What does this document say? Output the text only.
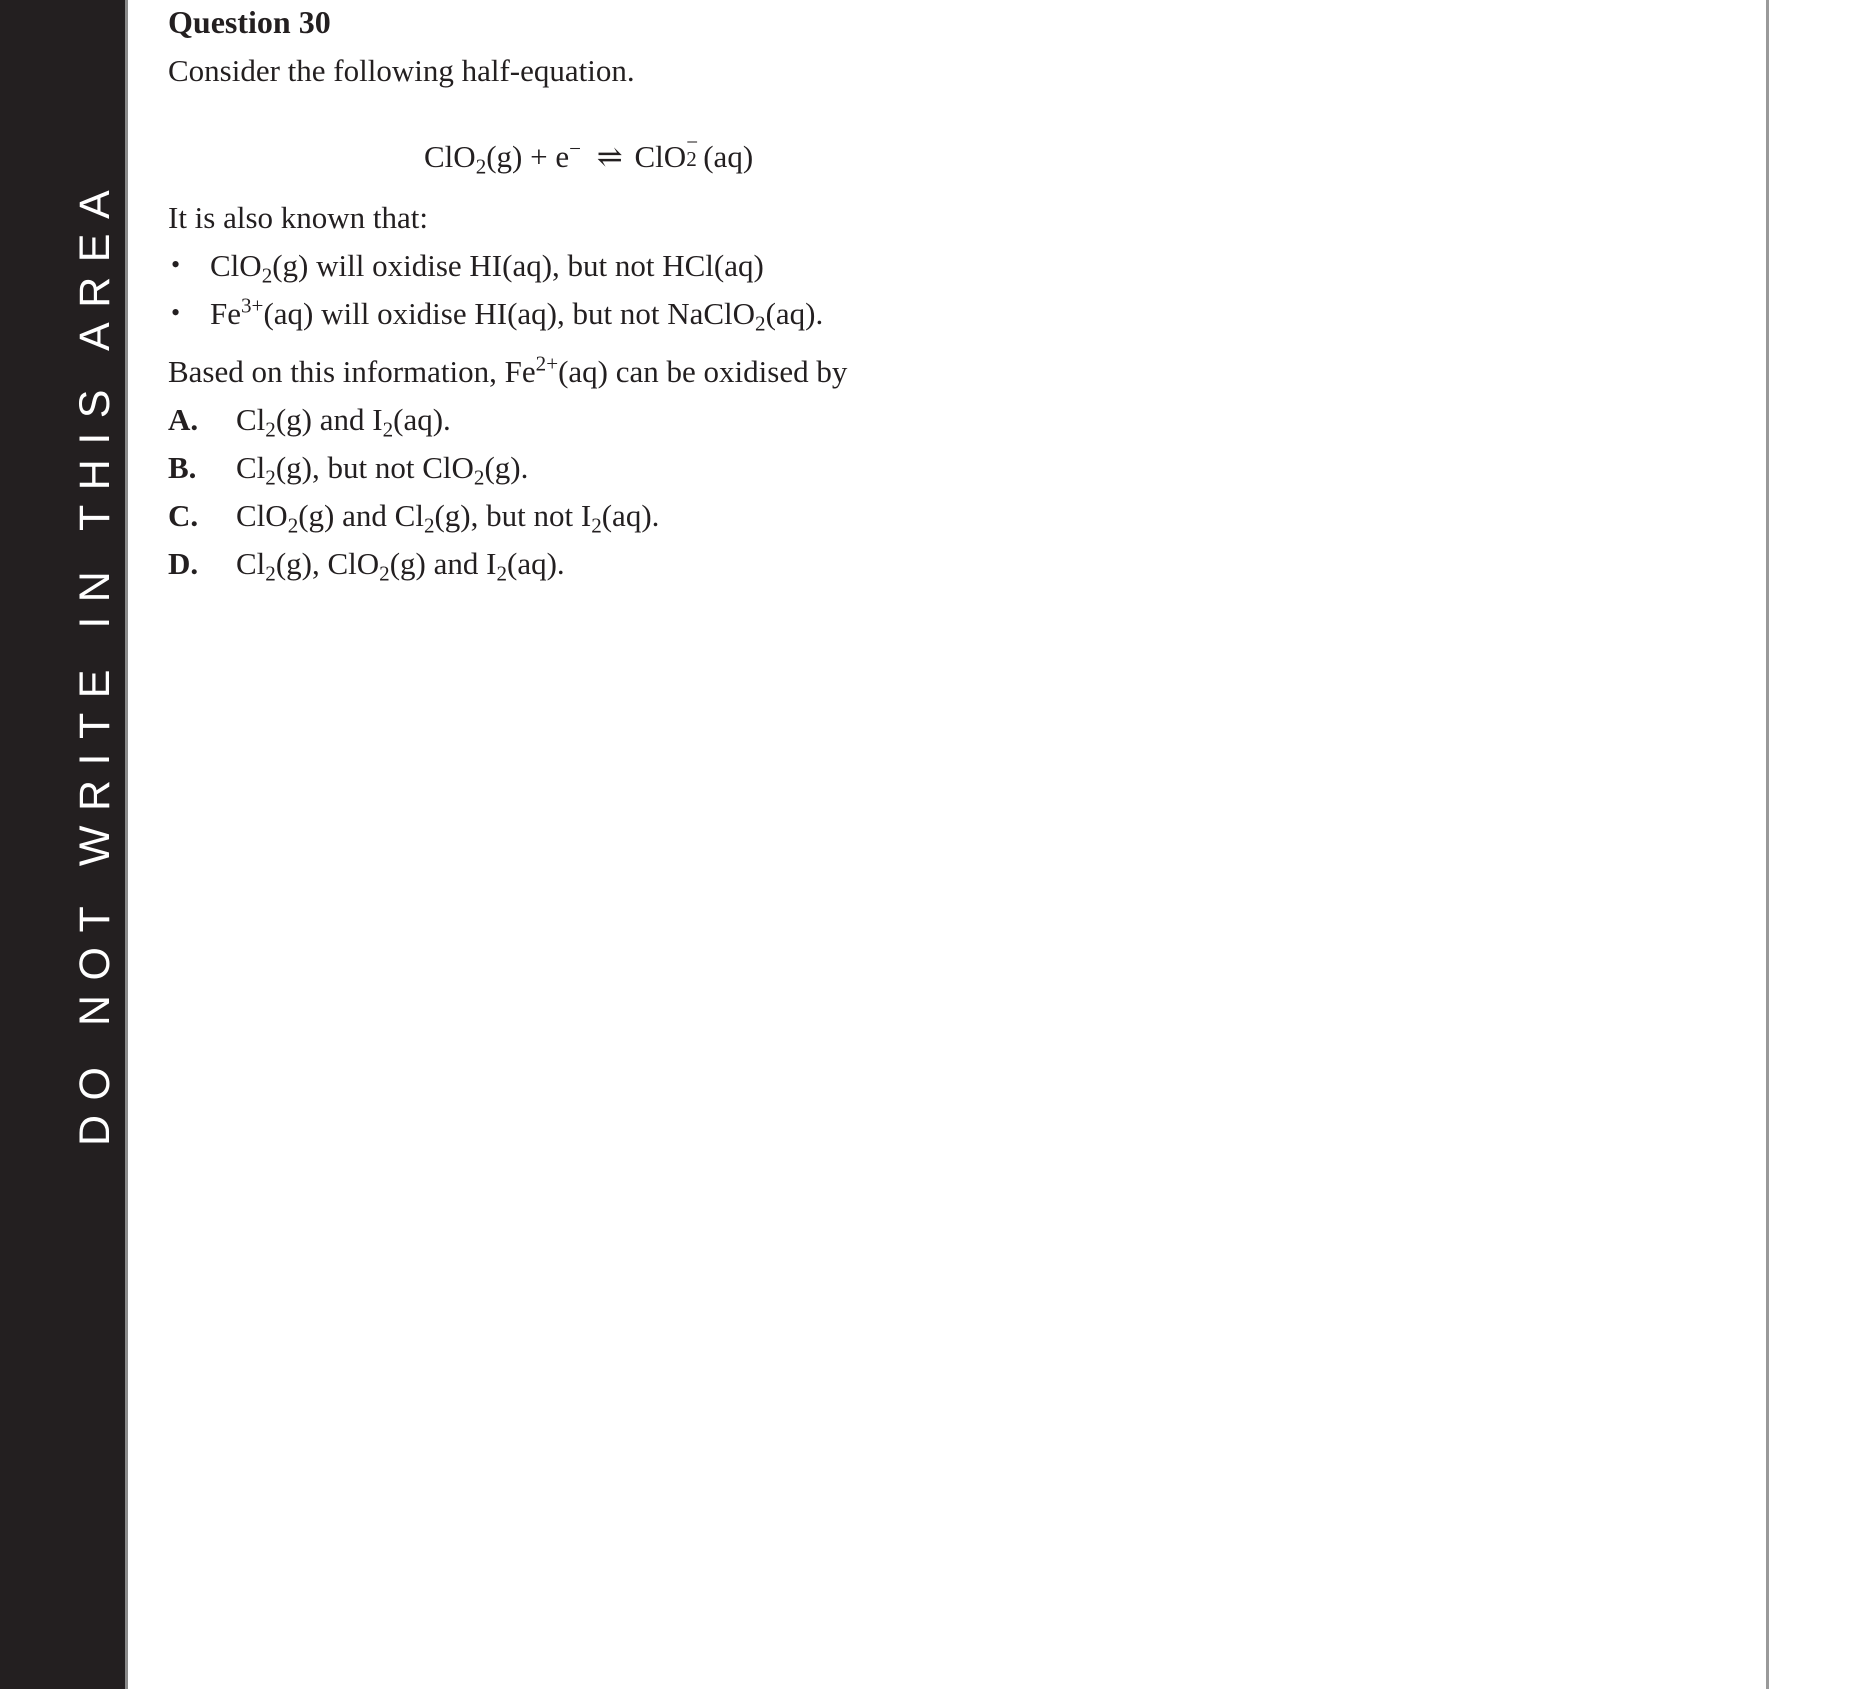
DO NOT WRITE IN THIS AREA
Question 30
Consider the following half-equation.
ClO$_2$(g) + e− ⇌ ClO −
2 (aq)
It is also known that:
• ClO$_2$(g) will oxidise HI(aq), but not HCl(aq)
• $Fe^{3+}(aq)$ will oxidise HI(aq), but not NaClO$_2$(aq).
Based on this information, $Fe^{2+}(aq)$ can be oxidised by
A. $Cl_2(g)$ and $I_2(aq)$.
B. $Cl_2(g)$, but not ClO$_2$(g).
C. ClO$_2$(g) and $Cl_2(g)$, but not $I_2(aq)$.
D. $Cl_2(g)$, ClO$_2$(g) and $I_2(aq)$.
